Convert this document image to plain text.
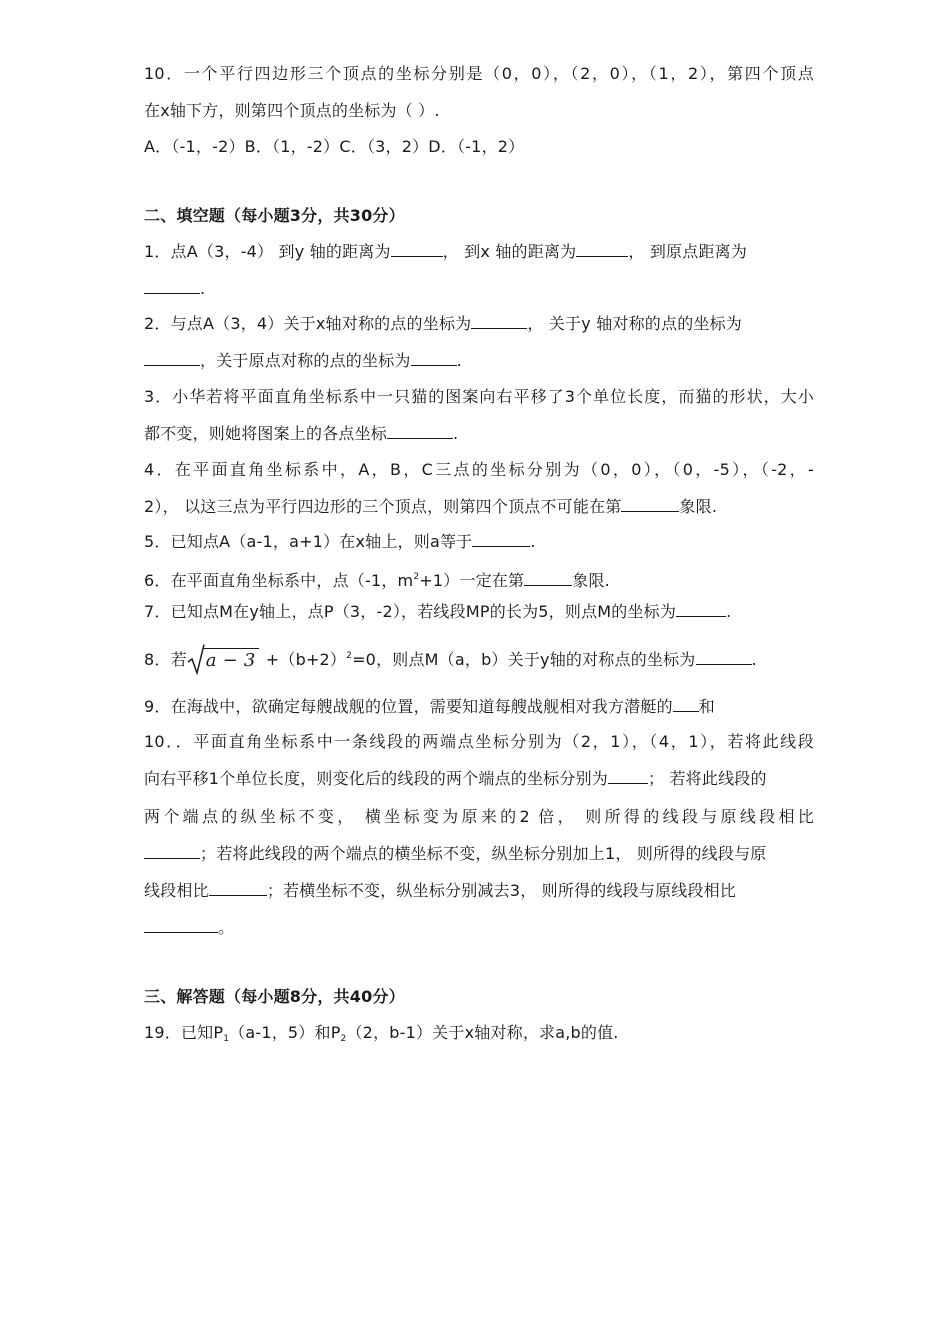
10．一个平行四边形三个顶点的坐标分别是（0，0），（2，0），（1，2），第四个顶点
在x轴下方，则第四个顶点的坐标为（ ）.
A．（-1，-2）B．（1，-2）C．（3，2）D．（-1，2）
二、填空题（每小题3分，共30分）
1．点A（3，-4） 到y 轴的距离为	， 到x 轴的距离为	， 到原点距离为
.
2．与点A（3，4）关于x轴对称的点的坐标为	， 关于y 轴对称的点的坐标为
，关于原点对称的点的坐标为	.
3．小华若将平面直角坐标系中一只猫的图案向右平移了3个单位长度，而猫的形状，大小
都不变，则她将图案上的各点坐标	.
4．在平面直角坐标系中，A，B，C三点的坐标分别为（0，0），（0，-5），（-2，-
2）， 以这三点为平行四边形的三个顶点，则第四个顶点不可能在第	象限.
5．已知点A（a-1，a+1）在x轴上，则a等于	.
6．在平面直角坐标系中，点（-1，$m^2+1$）一定在第	象限.
7．已知点M在y轴上，点P（3，-2），若线段MP的长为5，则点M的坐标为	.
8．若 $a - 3 +(b+2)^2=0$，则点M（a，b）关于y轴的对称点的坐标为	.
9．在海战中，欲确定每艘战舰的位置，需要知道每艘战舰相对我方潜艇的 和
10．．平面直角坐标系中一条线段的两端点坐标分别为（2，1），（4，1），若将此线段
向右平移1个单位长度，则变化后的线段的两个端点的坐标分别为	； 若将此线段的
两个端点的纵坐标不变， 横坐标变为原来的2 倍， 则所得的线段与原线段相比
；若将此线段的两个端点的横坐标不变，纵坐标分别加上1， 则所得的线段与原
线段相比	；若横坐标不变，纵坐标分别减去3， 则所得的线段与原线段相比
。
三、解答题（每小题8分，共40分）
19．已知$P_1(a-1$，5）和$P_2(2$，b-1）关于x轴对称，求a,b的值.
